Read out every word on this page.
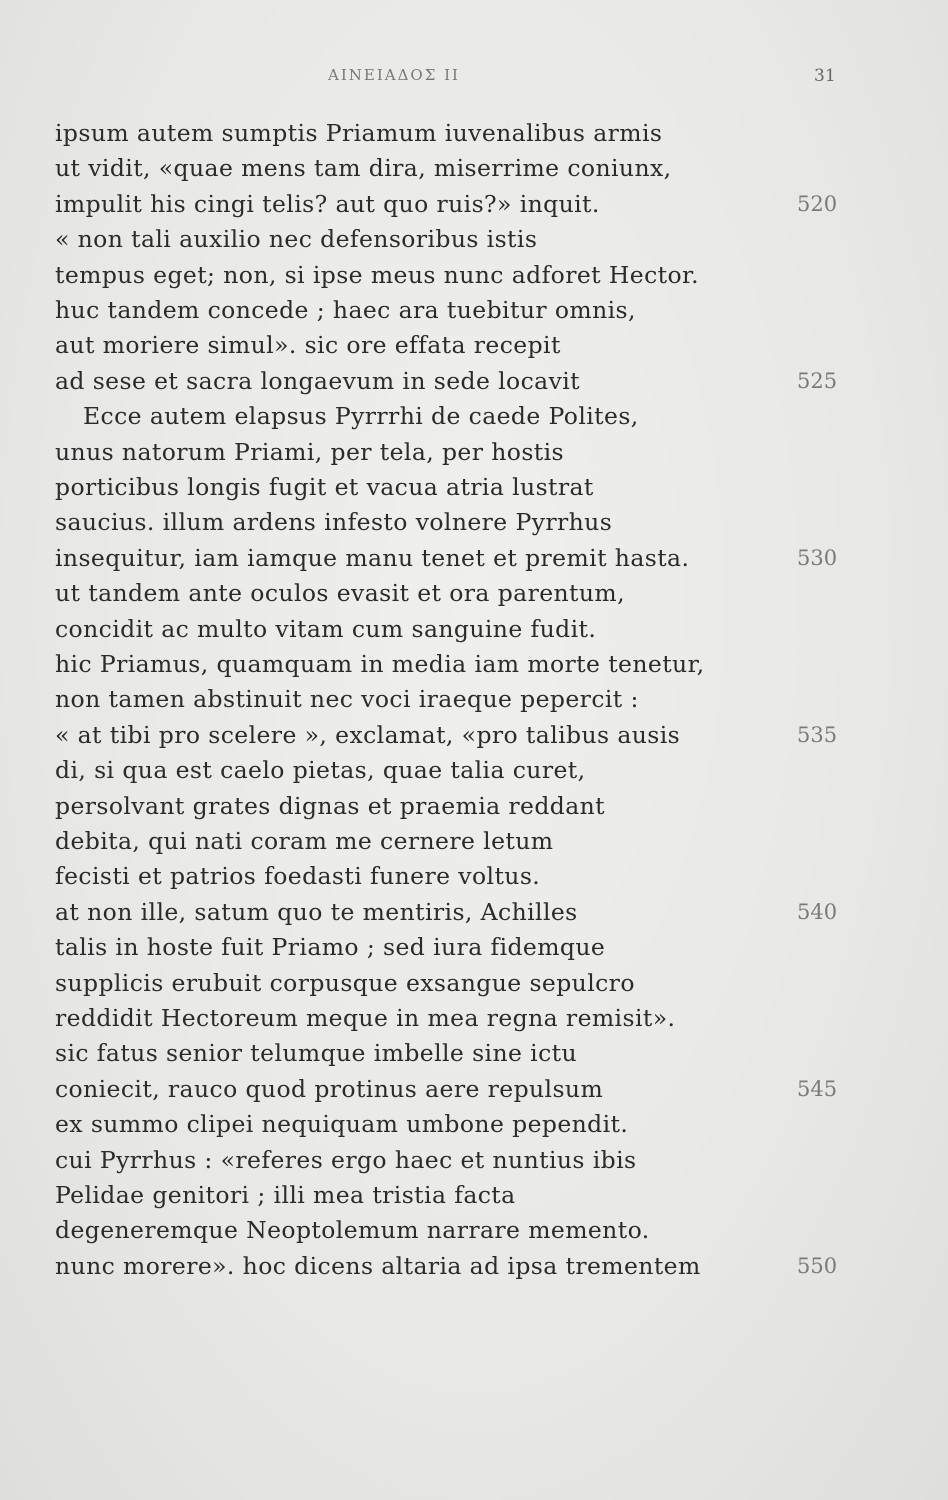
ΑΙΝΕΙΑΔΟΣ II	31
ipsum autem sumptis Priamum iuvenalibus armis
ut vidit, «quae mens tam dira, miserrime coniunx,
impulit his cingi telis? aut quo ruis?» inquit.	520
« non tali auxilio nec defensoribus istis
tempus eget; non, si ipse meus nunc adforet Hector.
huc tandem concede ; haec ara tuebitur omnis,
aut moriere simul». sic ore effata recepit
ad sese et sacra longaevum in sede locavit	525
Ecce autem elapsus Pyrrrhi de caede Polites,
unus natorum Priami, per tela, per hostis
porticibus longis fugit et vacua atria lustrat
saucius. illum ardens infesto volnere Pyrrhus
insequitur, iam iamque manu tenet et premit hasta.	530
ut tandem ante oculos evasit et ora parentum,
concidit ac multo vitam cum sanguine fudit.
hic Priamus, quamquam in media iam morte tenetur,
non tamen abstinuit nec voci iraeque pepercit :
« at tibi pro scelere », exclamat, «pro talibus ausis	535
di, si qua est caelo pietas, quae talia curet,
persolvant grates dignas et praemia reddant
debita, qui nati coram me cernere letum
fecisti et patrios foedasti funere voltus.
at non ille, satum quo te mentiris, Achilles	540
talis in hoste fuit Priamo ; sed iura fidemque
supplicis erubuit corpusque exsangue sepulcro
reddidit Hectoreum meque in mea regna remisit».
sic fatus senior telumque imbelle sine ictu
coniecit, rauco quod protinus aere repulsum	545
ex summo clipei nequiquam umbone pependit.
cui Pyrrhus : «referes ergo haec et nuntius ibis
Pelidae genitori ; illi mea tristia facta
degeneremque Neoptolemum narrare memento.
nunc morere». hoc dicens altaria ad ipsa trementem	550
